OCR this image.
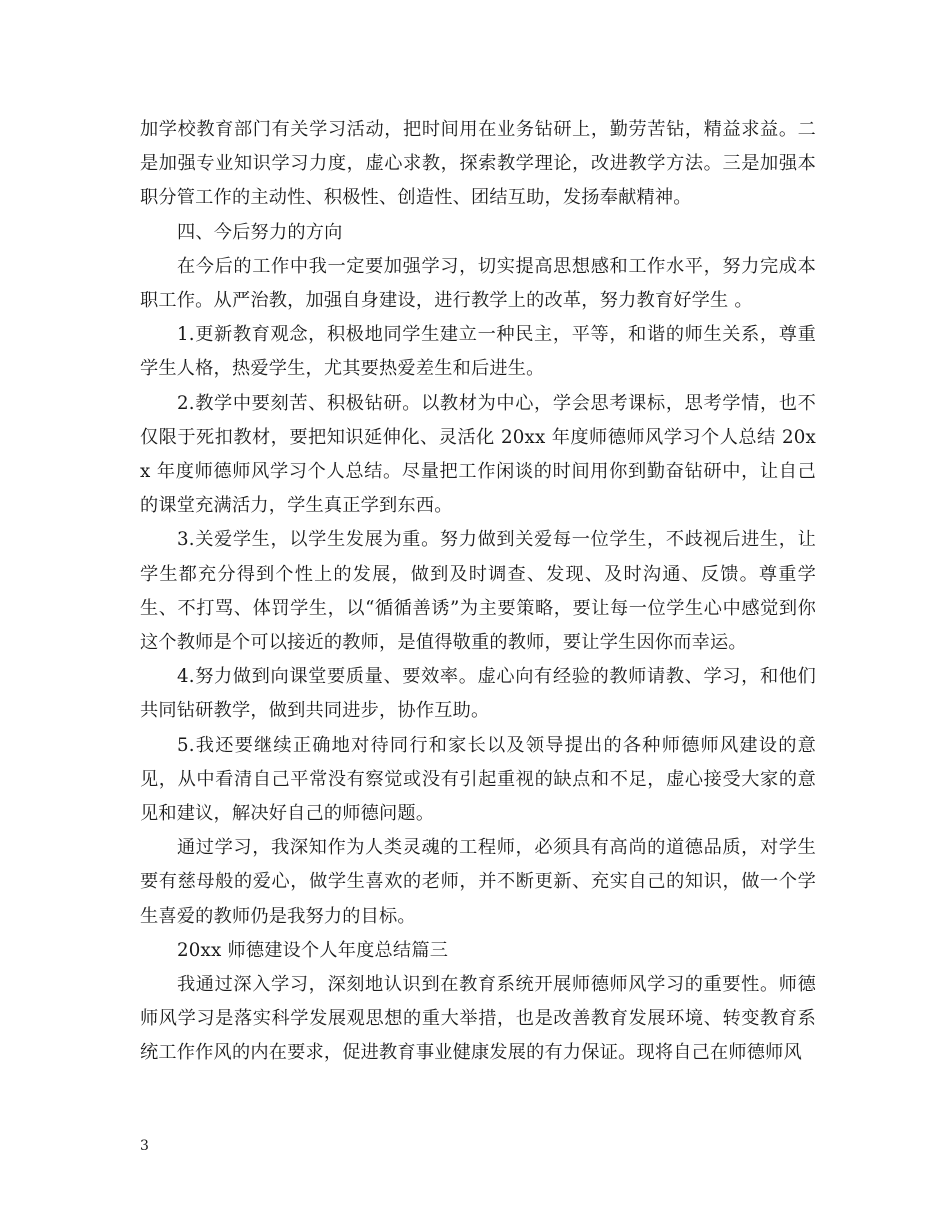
加学校教育部门有关学习活动，把时间用在业务钻研上，勤劳苦钻，精益求益。二是加强专业知识学习力度，虚心求教，探索教学理论，改进教学方法。三是加强本职分管工作的主动性、积极性、创造性、团结互助，发扬奉献精神。

四、今后努力的方向

在今后的工作中我一定要加强学习，切实提高思想感和工作水平，努力完成本职工作。从严治教，加强自身建设，进行教学上的改革，努力教育好学生 。

1.更新教育观念，积极地同学生建立一种民主，平等，和谐的师生关系，尊重学生人格，热爱学生，尤其要热爱差生和后进生。

2.教学中要刻苦、积极钻研。以教材为中心，学会思考课标，思考学情，也不仅限于死扣教材，要把知识延伸化、灵活化 20xx 年度师德师风学习个人总结 20xx 年度师德师风学习个人总结。尽量把工作闲谈的时间用你到勤奋钻研中，让自己的课堂充满活力，学生真正学到东西。

3.关爱学生，以学生发展为重。努力做到关爱每一位学生，不歧视后进生，让学生都充分得到个性上的发展，做到及时调查、发现、及时沟通、反馈。尊重学生、不打骂、体罚学生，以“循循善诱”为主要策略，要让每一位学生心中感觉到你这个教师是个可以接近的教师，是值得敬重的教师，要让学生因你而幸运。

4.努力做到向课堂要质量、要效率。虚心向有经验的教师请教、学习，和他们共同钻研教学，做到共同进步，协作互助。

5.我还要继续正确地对待同行和家长以及领导提出的各种师德师风建设的意见，从中看清自己平常没有察觉或没有引起重视的缺点和不足，虚心接受大家的意见和建议，解决好自己的师德问题。

通过学习，我深知作为人类灵魂的工程师，必须具有高尚的道德品质，对学生要有慈母般的爱心，做学生喜欢的老师，并不断更新、充实自己的知识，做一个学生喜爱的教师仍是我努力的目标。

20xx 师德建设个人年度总结篇三

我通过深入学习，深刻地认识到在教育系统开展师德师风学习的重要性。师德师风学习是落实科学发展观思想的重大举措，也是改善教育发展环境、转变教育系统工作作风的内在要求，促进教育事业健康发展的有力保证。现将自己在师德师风

3
